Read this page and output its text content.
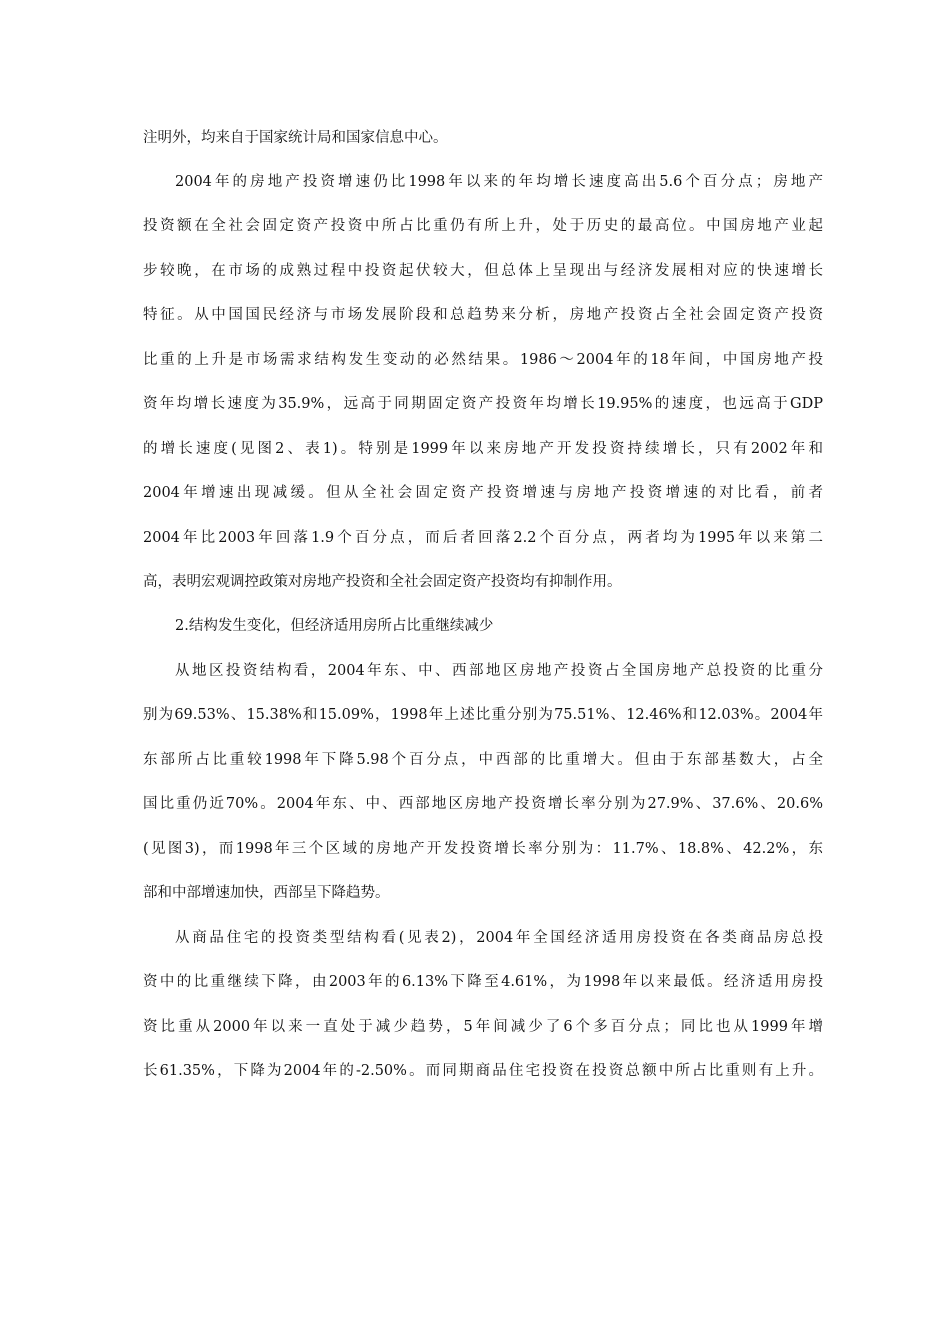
注明外，均来自于国家统计局和国家信息中心。
2004年的房地产投资增速仍比1998年以来的年均增长速度高出5.6个百分点；房地产
投资额在全社会固定资产投资中所占比重仍有所上升，处于历史的最高位。中国房地产业起
步较晚，在市场的成熟过程中投资起伏较大，但总体上呈现出与经济发展相对应的快速增长
特征。从中国国民经济与市场发展阶段和总趋势来分析，房地产投资占全社会固定资产投资
比重的上升是市场需求结构发生变动的必然结果。1986～2004年的18年间，中国房地产投
资年均增长速度为35.9%，远高于同期固定资产投资年均增长19.95%的速度，也远高于GDP
的增长速度(见图2、表1)。特别是1999年以来房地产开发投资持续增长，只有2002年和
2004年增速出现减缓。但从全社会固定资产投资增速与房地产投资增速的对比看，前者
2004年比2003年回落1.9个百分点，而后者回落2.2个百分点，两者均为1995年以来第二
高，表明宏观调控政策对房地产投资和全社会固定资产投资均有抑制作用。
2.结构发生变化，但经济适用房所占比重继续减少
从地区投资结构看，2004年东、中、西部地区房地产投资占全国房地产总投资的比重分
别为69.53%、15.38%和15.09%，1998年上述比重分别为75.51%、12.46%和12.03%。2004年
东部所占比重较1998年下降5.98个百分点，中西部的比重增大。但由于东部基数大，占全
国比重仍近70%。2004年东、中、西部地区房地产投资增长率分别为27.9%、37.6%、20.6%
(见图3)，而1998年三个区域的房地产开发投资增长率分别为：11.7%、18.8%、42.2%，东
部和中部增速加快，西部呈下降趋势。
从商品住宅的投资类型结构看(见表2)，2004年全国经济适用房投资在各类商品房总投
资中的比重继续下降，由2003年的6.13%下降至4.61%，为1998年以来最低。经济适用房投
资比重从2000年以来一直处于减少趋势，5年间减少了6个多百分点；同比也从1999年增
长61.35%，下降为2004年的-2.50%。而同期商品住宅投资在投资总额中所占比重则有上升。
